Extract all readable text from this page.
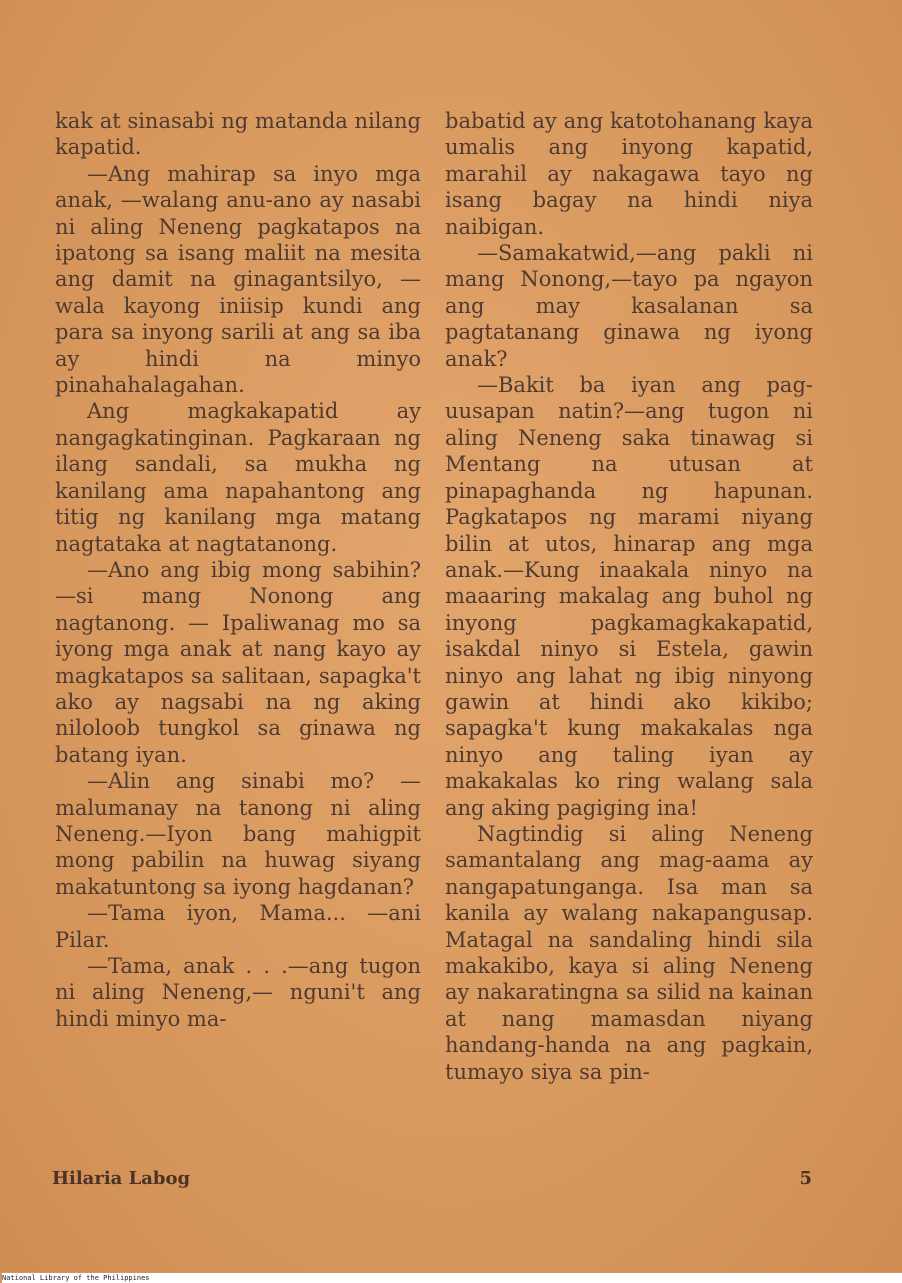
kak at sinasabi ng matanda nilang kapatid.

—Ang mahirap sa inyo mga anak, —walang anu-ano ay nasabi ni aling Neneng pagkatapos na ipatong sa isang maliit na mesita ang damit na ginagantsilyo, — wala kayong iniisip kundi ang para sa inyong sarili at ang sa iba ay hindi na minyo pinahahalagahan.

Ang magkakapatid ay nangagkatinginan. Pagkaraan ng ilang sandali, sa mukha ng kanilang ama napahantong ang titig ng kanilang mga matang nagtataka at nagtatanong.

—Ano ang ibig mong sabihin?—si mang Nonong ang nagtanong. — Ipaliwanag mo sa iyong mga anak at nang kayo ay magkatapos sa salitaan, sapagka't ako ay nagsabi na ng aking niloloob tungkol sa ginawa ng batang iyan.

—Alin ang sinabi mo? — malumanay na tanong ni aling Neneng.—Iyon bang mahigpit mong pabilin na huwag siyang makatuntong sa iyong hagdanan?

—Tama iyon, Mama... —ani Pilar.

—Tama, anak . . .—ang tugon ni aling Neneng,— nguni't ang hindi minyo ma-

babatid ay ang katotohanang kaya umalis ang inyong kapatid, marahil ay nakagawa tayo ng isang bagay na hindi niya naibigan.

—Samakatwid,—ang pakli ni mang Nonong,—tayo pa ngayon ang may kasalanan sa pagtatanang ginawa ng iyong anak?

—Bakit ba iyan ang pag-uusapan natin?—ang tugon ni aling Neneng saka tinawag si Mentang na utusan at pinapaghanda ng hapunan. Pagkatapos ng marami niyang bilin at utos, hinarap ang mga anak.—Kung inaakala ninyo na maaaring makalag ang buhol ng inyong pagkamagkakapatid, isakdal ninyo si Estela, gawin ninyo ang lahat ng ibig ninyong gawin at hindi ako kikibo; sapagka't kung makakalas nga ninyo ang taling iyan ay makakalas ko ring walang sala ang aking pagiging ina!

Nagtindig si aling Neneng samantalang ang mag-aama ay nangapatunganga. Isa man sa kanila ay walang nakapangusap. Matagal na sandaling hindi sila makakibo, kaya si aling Neneng ay nakaratingna sa silid na kainan at nang mamasdan niyang handang-handa na ang pagkain, tumayo siya sa pin-

Hilaria Labog	5
National Library of the Philippines
